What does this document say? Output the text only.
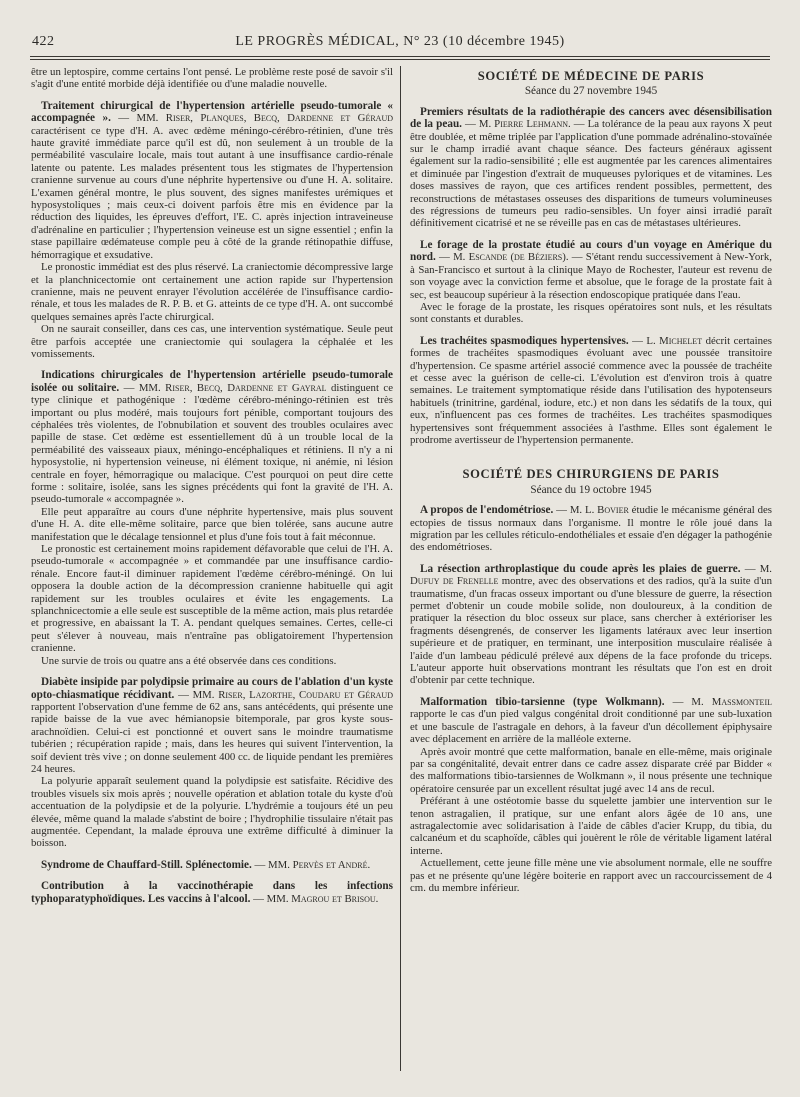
422	LE PROGRÈS MÉDICAL, N° 23 (10 décembre 1945)

être un leptospire, comme certains l'ont pensé. Le problème reste posé de savoir s'il s'agit d'une entité morbide déjà identifiée ou d'une maladie nouvelle.

Traitement chirurgical de l'hypertension artérielle pseudo-tumorale « accompagnée ». — MM. Riser, Planques, Becq, Dardenne et Géraud caractérisent ce type d'H. A. avec œdème méningo-cérébro-rétinien, d'une très haute gravité immédiate parce qu'il est dû, non seulement à un trouble de la perméabilité vasculaire locale, mais tout autant à une insuffisance cardio-rénale latente ou patente. Les malades présentent tous les stigmates de l'hypertension cranienne survenue au cours d'une néphrite hypertensive ou d'une H. A. solitaire. L'examen général montre, le plus souvent, des signes manifestes urémiques et hyposystoliques ; mais ceux-ci doivent parfois être mis en évidence par la réduction des liquides, les épreuves d'effort, l'E. C. après injection intraveineuse d'adrénaline en particulier ; l'hypertension veineuse est un signe essentiel ; enfin la stase papillaire œdémateuse comple peu à côté de la grande rétinopathie diffuse, hémorragique et exsudative.

Le pronostic immédiat est des plus réservé. La craniectomie décompressive large et la planchnicectomie ont certainement une action rapide sur l'hypertension cranienne, mais ne peuvent enrayer l'évolution accélérée de l'insuffisance cardio-rénale, et tous les malades de R. P. B. et G. atteints de ce type d'H. A. ont succombé quelques semaines après l'acte chirurgical.

On ne saurait conseiller, dans ces cas, une intervention systématique. Seule peut être parfois acceptée une craniectomie qui soulagera la céphalée et les vomissements.

Indications chirurgicales de l'hypertension artérielle pseudo-tumorale isolée ou solitaire. — MM. Riser, Becq, Dardenne et Gayral distinguent ce type clinique et pathogénique : l'œdème cérébro-méningo-rétinien est très important ou plus modéré, mais toujours fort pénible, comportant toujours des céphalées très violentes, de l'obnubilation et souvent des troubles oculaires avec papille de stase. Cet œdème est essentiellement dû à un trouble local de la perméabilité des vaisseaux piaux, méningo-encéphaliques et rétiniens. Il n'y a ni hyposystolie, ni hypertension veineuse, ni élément toxique, ni anémie, ni lésion centrale en foyer, hémorragique ou malacique. C'est pourquoi on peut dire cette forme : solitaire, isolée, sans les signes précédents qui font la gravité de l'H. A. pseudo-tumorale « accompagnée ».

Elle peut apparaître au cours d'une néphrite hypertensive, mais plus souvent d'une H. A. dite elle-même solitaire, parce que bien tolérée, sans aucune autre manifestation que le décalage tensionnel et plus d'une fois tout à fait méconnue.

Le pronostic est certainement moins rapidement défavorable que celui de l'H. A. pseudo-tumorale « accompagnée » et commandée par une insuffisance cardio-rénale. Encore faut-il diminuer rapidement l'œdème cérébro-méningé. On lui opposera la double action de la décompression cranienne habituelle qui agit rapidement sur les troubles oculaires et évite les engagements. La splanchnicectomie a elle seule est susceptible de la même action, mais plus retardée et progressive, en abaissant la T. A. pendant quelques semaines. Certes, celle-ci peut s'élever à nouveau, mais n'entraîne pas obligatoirement l'hypertension cranienne.

Une survie de trois ou quatre ans a été observée dans ces conditions.

Diabète insipide par polydipsie primaire au cours de l'ablation d'un kyste opto-chiasmatique récidivant. — MM. Riser, Lazorthe, Coudaru et Géraud rapportent l'observation d'une femme de 62 ans, sans antécédents, qui présente une rapide baisse de la vue avec hémianopsie bitemporale, par gros kyste sous-arachnoïdien. Celui-ci est ponctionné et ouvert sans le moindre traumatisme tubérien ; récupération rapide ; mais, dans les heures qui suivent l'intervention, la soif devient très vive ; on donne seulement 400 cc. de liquide pendant les premières 24 heures.

La polyurie apparaît seulement quand la polydipsie est satisfaite. Récidive des troubles visuels six mois après ; nouvelle opération et ablation totale du kyste d'où accentuation de la polydipsie et de la polyurie. L'hydrémie a toujours été un peu élevée, même quand la malade s'abstint de boire ; l'hydrophilie tissulaire n'était pas augmentée. Cependant, la malade éprouva une extrême difficulté à diminuer la boisson.

Syndrome de Chauffard-Still. Splénectomie. — MM. Pervès et André.

Contribution à la vaccinothérapie dans les infections typhoparatyphoïdiques. Les vaccins à l'alcool. — MM. Magrou et Brisou.

SOCIÉTÉ DE MÉDECINE DE PARIS
Séance du 27 novembre 1945

Premiers résultats de la radiothérapie des cancers avec désensibilisation de la peau. — M. Pierre Lehmann. — La tolérance de la peau aux rayons X peut être doublée, et même triplée par l'application d'une pommade adrénalino-stovaïnée sur le champ irradié avant chaque séance. Des facteurs généraux agissent également sur la radio-sensibilité ; elle est augmentée par les carences alimentaires et diminuée par l'ingestion d'extrait de muqueuses pyloriques et de vitamines. Les doses massives de rayon, que ces artifices rendent possibles, permettent, des reconstructions de métastases osseuses des disparitions de tumeurs volumineuses des régressions de tumeurs peu radio-sensibles. Un foyer ainsi irradié paraît définitivement cicatrisé et ne se réveille pas en cas de métastases ultérieures.

Le forage de la prostate étudié au cours d'un voyage en Amérique du nord. — M. Escande (de Béziers). — S'étant rendu successivement à New-York, à San-Francisco et surtout à la clinique Mayo de Rochester, l'auteur est revenu de son voyage avec la conviction ferme et absolue, que le forage de la prostate fait à sec, est beaucoup supérieur à la résection endoscopique pratiquée dans l'eau.

Avec le forage de la prostate, les risques opératoires sont nuls, et les résultats sont constants et durables.

Les trachéites spasmodiques hypertensives. — L. Michelet décrit certaines formes de trachéites spasmodiques évoluant avec une poussée transitoire d'hypertension. Ce spasme artériel associé commence avec la poussée de trachéite et cesse avec la guérison de celle-ci. L'évolution est d'environ trois à quatre semaines. Le traitement symptomatique réside dans l'utilisation des hypotenseurs habituels (trinitrine, gardénal, iodure, etc.) et non dans les sédatifs de la toux, qui eux, n'influencent pas ces formes de trachéites. Les trachéites spasmodiques hypertensives sont fréquemment associées à l'asthme. Elles sont également le prodrome avertisseur de l'hypertension permanente.

SOCIÉTÉ DES CHIRURGIENS DE PARIS
Séance du 19 octobre 1945

A propos de l'endométriose. — M. L. Bovier étudie le mécanisme général des ectopies de tissus normaux dans l'organisme. Il montre le rôle joué dans la migration par les cellules réticulo-endothéliales et essaie d'en dégager la pathogénie des endométrioses.

La résection arthroplastique du coude après les plaies de guerre. — M. Dufuy de Frenelle montre, avec des observations et des radios, qu'à la suite d'un traumatisme, d'un fracas osseux important ou d'une blessure de guerre, la résection permet d'obtenir un coude mobile solide, non douloureux, à la condition de pratiquer la résection du bloc osseux sur place, sans chercher à extérioriser les fragments désengrenés, de conserver les ligaments latéraux avec leur insertion supérieure et de pratiquer, en terminant, une interposition musculaire réalisée à l'aide d'un lambeau pédiculé prélevé aux dépens de la face profonde du triceps. L'auteur apporte huit observations montrant les résultats que l'on est en droit d'obtenir par cette technique.

Malformation tibio-tarsienne (type Wolkmann). — M. Massmonteil rapporte le cas d'un pied valgus congénital droit conditionné par une sub-luxation et une bascule de l'astragale en dehors, à la faveur d'un décollement épiphysaire avec déplacement en arrière de la malléole externe.

Après avoir montré que cette malformation, banale en elle-même, mais originale par sa congénitalité, devait entrer dans ce cadre assez disparate créé par Bidder « des malformations tibio-tarsiennes de Wolkmann », il nous présente une technique opératoire censurée par un excellent résultat jugé avec 14 ans de recul.

Préférant à une ostéotomie basse du squelette jambier une intervention sur le tenon astragalien, il pratique, sur une enfant alors âgée de 10 ans, une astragalectomie avec solidarisation à l'aide de câbles d'acier Krupp, du tibia, du calcanéum et du scaphoïde, câbles qui jouèrent le rôle de véritable ligament latéral interne.

Actuellement, cette jeune fille mène une vie absolument normale, elle ne souffre pas et ne présente qu'une légère boiterie en rapport avec un raccourcissement de 4 cm. du membre inférieur.
